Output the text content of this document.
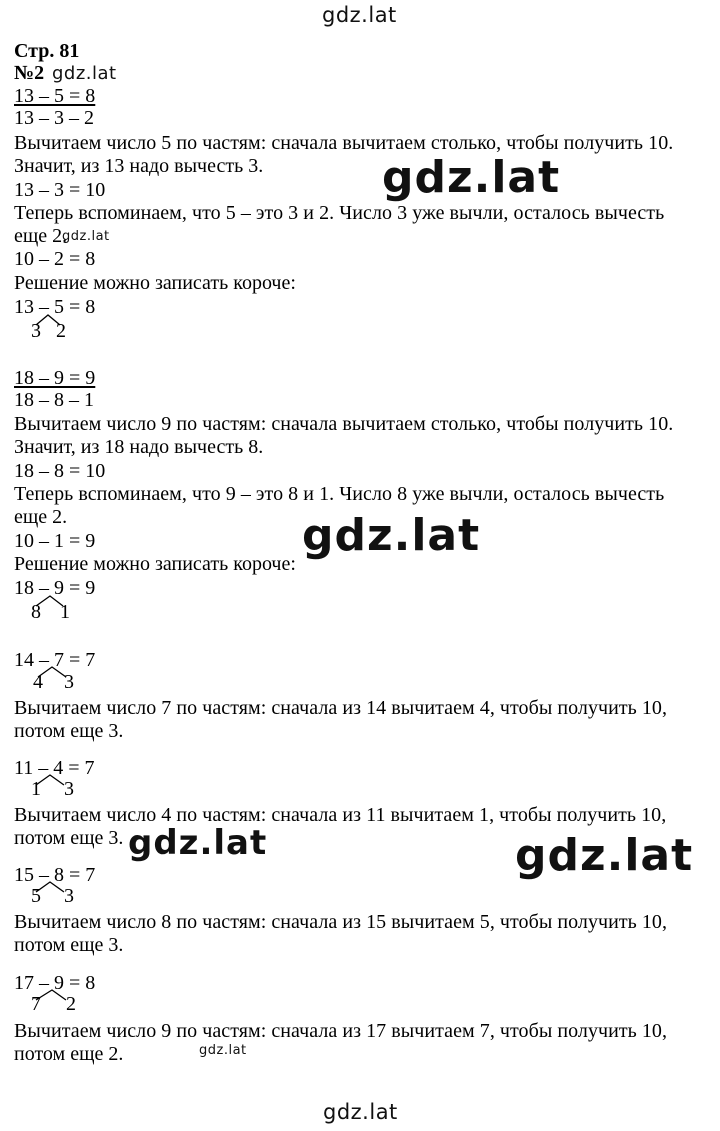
gdz.lat
gdz.lat
gdz.lat
gdz.lat
gdz.lat
gdz.lat	gdz.lat
gdz.lat
gdz.lat
Стр. 81
№2
13 – 5 = 8
13 – 3 – 2
Вычитаем число 5 по частям: сначала вычитаем столько, чтобы получить 10.
Значит, из 13 надо вычесть 3.
13 – 3 = 10
Теперь вспоминаем, что 5 – это 3 и 2. Число 3 уже вычли, осталось вычесть
еще 2.
10 – 2 = 8
Решение можно записать короче:
13 – 5 = 8
3 2
18 – 9 = 9
18 – 8 – 1
Вычитаем число 9 по частям: сначала вычитаем столько, чтобы получить 10.
Значит, из 18 надо вычесть 8.
18 – 8 = 10
Теперь вспоминаем, что 9 – это 8 и 1. Число 8 уже вычли, осталось вычесть
еще 2.
10 – 1 = 9
Решение можно записать короче:
18 – 9 = 9
8 1
14 – 7 = 7
4 3
Вычитаем число 7 по частям: сначала из 14 вычитаем 4, чтобы получить 10,
потом еще 3.
11 – 4 = 7
1 3
Вычитаем число 4 по частям: сначала из 11 вычитаем 1, чтобы получить 10,
потом еще 3.
15 – 8 = 7
5 3
Вычитаем число 8 по частям: сначала из 15 вычитаем 5, чтобы получить 10,
потом еще 3.
17 – 9 = 8
7 2
Вычитаем число 9 по частям: сначала из 17 вычитаем 7, чтобы получить 10,
потом еще 2.
